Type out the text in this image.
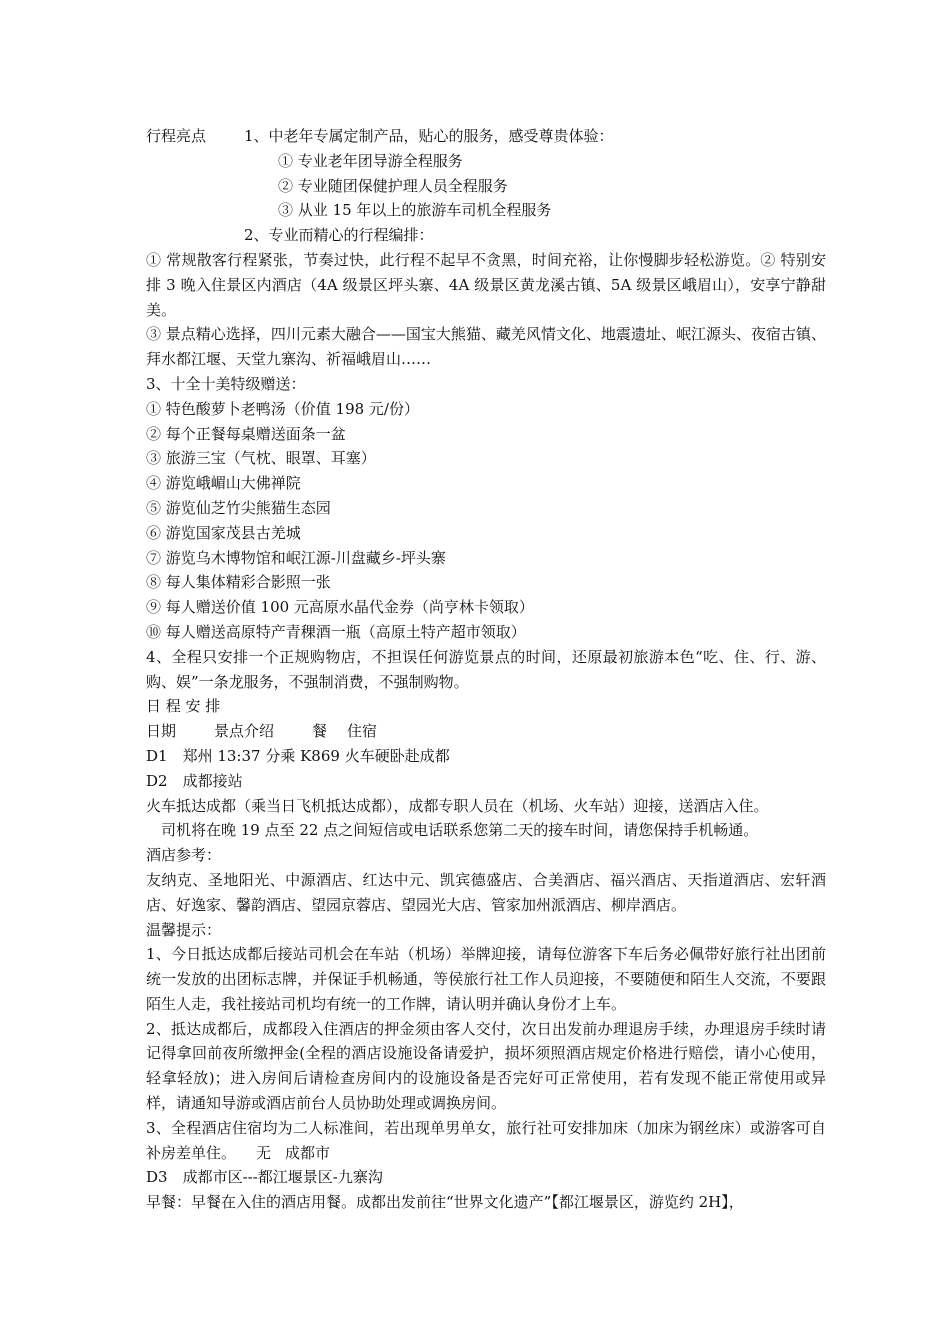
行程亮点	1、中老年专属定制产品，贴心的服务，感受尊贵体验：
① 专业老年团导游全程服务
② 专业随团保健护理人员全程服务
③ 从业 15 年以上的旅游车司机全程服务
2、专业而精心的行程编排：
① 常规散客行程紧张，节奏过快，此行程不起早不贪黑，时间充裕，让你慢脚步轻松游览。② 特别安排 3 晚入住景区内酒店（4A 级景区坪头寨、4A 级景区黄龙溪古镇、5A 级景区峨眉山），安享宁静甜美。
③ 景点精心选择，四川元素大融合——国宝大熊猫、藏羌风情文化、地震遗址、岷江源头、夜宿古镇、拜水都江堰、天堂九寨沟、祈福峨眉山……
3、十全十美特级赠送：
① 特色酸萝卜老鸭汤（价值 198 元/份）
② 每个正餐每桌赠送面条一盆
③ 旅游三宝（气枕、眼罩、耳塞）
④ 游览峨嵋山大佛禅院
⑤ 游览仙芝竹尖熊猫生态园
⑥ 游览国家茂县古羌城
⑦ 游览乌木博物馆和岷江源-川盘藏乡-坪头寨
⑧ 每人集体精彩合影照一张
⑨ 每人赠送价值 100 元高原水晶代金券（尚亨林卡领取）
⑩ 每人赠送高原特产青稞酒一瓶（高原土特产超市领取）
4、全程只安排一个正规购物店，不担误任何游览景点的时间，还原最初旅游本色“吃、住、行、游、购、娱”一条龙服务，不强制消费，不强制购物。
日 程 安 排
日期	景点介绍	餐 住宿
D1　郑州 13:37 分乘 K869 火车硬卧赴成都
D2　成都接站
火车抵达成都（乘当日飞机抵达成都），成都专职人员在（机场、火车站）迎接，送酒店入住。
司机将在晚 19 点至 22 点之间短信或电话联系您第二天的接车时间，请您保持手机畅通。
酒店参考：
友纳克、圣地阳光、中源酒店、红达中元、凯宾德盛店、合美酒店、福兴酒店、天指道酒店、宏轩酒店、好逸家、馨韵酒店、望园京蓉店、望园光大店、管家加州派酒店、柳岸酒店。
温馨提示：
1、今日抵达成都后接站司机会在车站（机场）举牌迎接，请每位游客下车后务必佩带好旅行社出团前统一发放的出团标志牌，并保证手机畅通，等侯旅行社工作人员迎接，不要随便和陌生人交流，不要跟陌生人走，我社接站司机均有统一的工作牌，请认明并确认身份才上车。
2、抵达成都后，成都段入住酒店的押金须由客人交付，次日出发前办理退房手续，办理退房手续时请记得拿回前夜所缴押金(全程的酒店设施设备请爱护，损坏须照酒店规定价格进行赔偿，请小心使用，轻拿轻放)；进入房间后请检查房间内的设施设备是否完好可正常使用，若有发现不能正常使用或异样，请通知导游或酒店前台人员协助处理或调换房间。
3、全程酒店住宿均为二人标准间，若出现单男单女，旅行社可安排加床（加床为钢丝床）或游客可自补房差单住。 无 成都市
D3　成都市区---都江堰景区-九寨沟
早餐：早餐在入住的酒店用餐。成都出发前往“世界文化遗产”【都江堰景区，游览约 2H】，
